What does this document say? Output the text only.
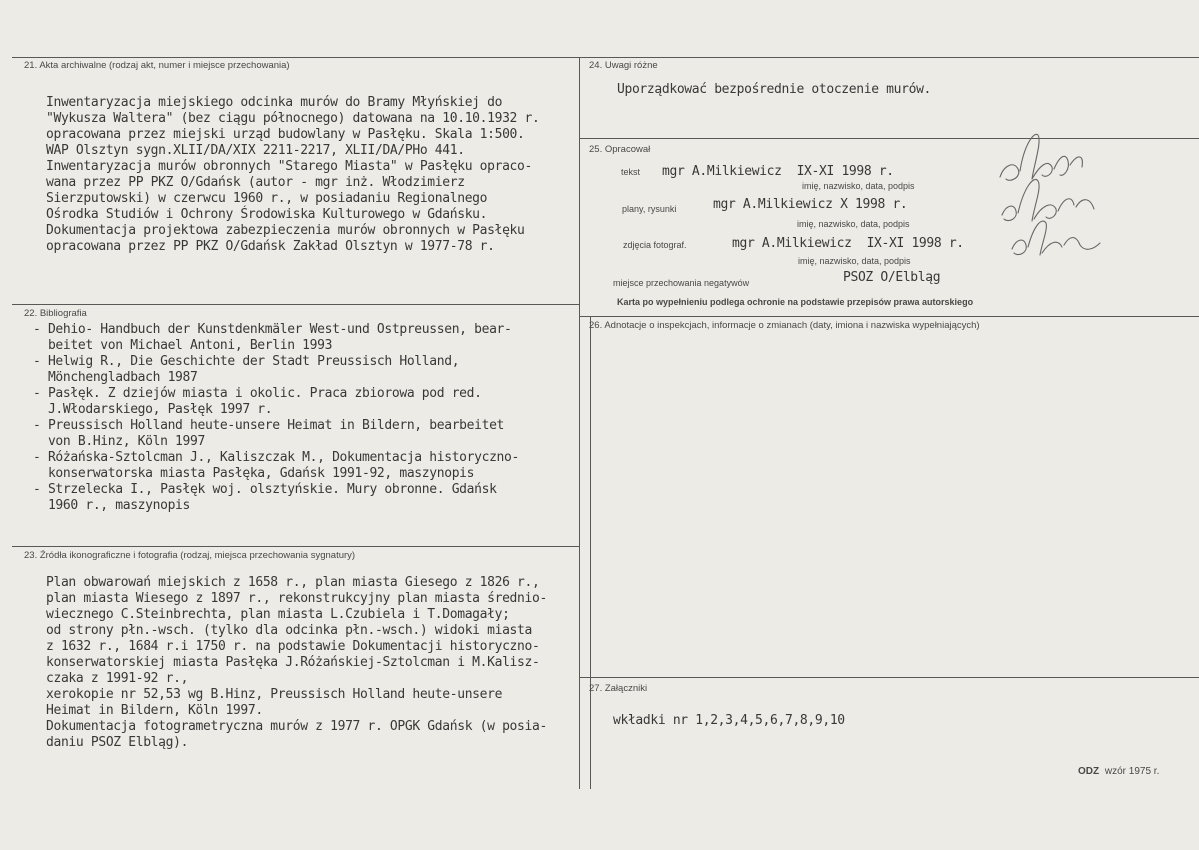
21. Akta archiwalne (rodzaj akt, numer i miejsce przechowania)
Inwentaryzacja miejskiego odcinka murów do Bramy Młyńskiej do
"Wykusza Waltera" (bez ciągu północnego) datowana na 10.10.1932 r.
opracowana przez miejski urząd budowlany w Pasłęku. Skala 1:500.
WAP Olsztyn sygn.XLII/DA/XIX 2211-2217, XLII/DA/PHo 441.
Inwentaryzacja murów obronnych "Starego Miasta" w Pasłęku opraco-
wana przez PP PKZ O/Gdańsk (autor - mgr inż. Włodzimierz
Sierzputowski) w czerwcu 1960 r., w posiadaniu Regionalnego
Ośrodka Studiów i Ochrony Środowiska Kulturowego w Gdańsku.
Dokumentacja projektowa zabezpieczenia murów obronnych w Pasłęku
opracowana przez PP PKZ O/Gdańsk Zakład Olsztyn w 1977-78 r.
22. Bibliografia
- Dehio- Handbuch der Kunstdenkmäler West-und Ostpreussen, bear-
beitet von Michael Antoni, Berlin 1993
- Helwig R., Die Geschichte der Stadt Preussisch Holland,
Mönchengladbach 1987
- Pasłęk. Z dziejów miasta i okolic. Praca zbiorowa pod red.
J.Włodarskiego, Pasłęk 1997 r.
- Preussisch Holland heute-unsere Heimat in Bildern, bearbeitet
von B.Hinz, Köln 1997
- Różańska-Sztolcman J., Kaliszczak M., Dokumentacja historyczno-
konserwatorska miasta Pasłęka, Gdańsk 1991-92, maszynopis
- Strzelecka I., Pasłęk woj. olsztyńskie. Mury obronne. Gdańsk
1960 r., maszynopis
23. Źródła ikonograficzne i fotografia (rodzaj, miejsca przechowania sygnatury)
Plan obwarowań miejskich z 1658 r., plan miasta Giesego z 1826 r.,
plan miasta Wiesego z 1897 r., rekonstrukcyjny plan miasta średnio-
wiecznego C.Steinbrechta, plan miasta L.Czubiela i T.Domagały;
od strony płn.-wsch. (tylko dla odcinka płn.-wsch.) widoki miasta
z 1632 r., 1684 r.i 1750 r. na podstawie Dokumentacji historyczno-
konserwatorskiej miasta Pasłęka J.Różańskiej-Sztolcman i M.Kalisz-
czaka z 1991-92 r.,
xerokopie nr 52,53 wg B.Hinz, Preussisch Holland heute-unsere
Heimat in Bildern, Köln 1997.
Dokumentacja fotogrametryczna murów z 1977 r. OPGK Gdańsk (w posia-
daniu PSOZ Elbląg).
24. Uwagi różne
Uporządkować bezpośrednie otoczenie murów.
25. Opracował
tekst mgr A.Milkiewicz  IX-XI 1998 r.
imię, nazwisko, data, podpis
plany, rysunki	mgr A.Milkiewicz X 1998 r.
imię, nazwisko, data, podpis
zdjęcia fotograf.	mgr A.Milkiewicz  IX-XI 1998 r.
imię, nazwisko, data, podpis
miejsce przechowania negatywów	PSOZ O/Elbląg
Karta po wypełnieniu podlega ochronie na podstawie przepisów prawa autorskiego
26. Adnotacje o inspekcjach, informacje o zmianach (daty, imiona i nazwiska wypełniających)
27. Załączniki
wkładki nr 1,2,3,4,5,6,7,8,9,10
ODZ wzór 1975 r.
